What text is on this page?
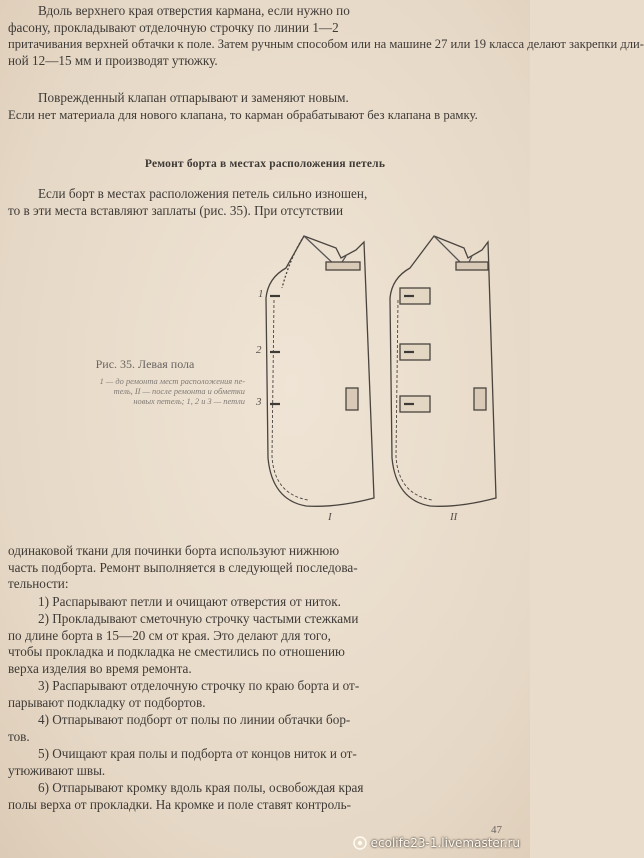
Вдоль верхнего края отверстия кармана, если нужно по
фасону, прокладывают отделочную строчку по линии 1—2
притачивания верхней обтачки к поле. Затем ручным способом или на машине 27 или 19 класса делают закрепки дли-
ной 12—15 мм и производят утюжку.
Поврежденный клапан отпарывают и заменяют новым.
Если нет материала для нового клапана, то карман обрабатывают без клапана в рамку.
Ремонт борта в местах расположения петель
Если борт в местах расположения петель сильно изношен,
то в эти места вставляют заплаты (рис. 35). При отсутствии
Рис. 35. Левая пола
1 — до ремонта мест расположения пе-
тель, II — после ремонта и обметки
новых петель; 1, 2 и 3 — петли
1
2
3
I	II
одинаковой ткани для починки борта используют нижнюю
часть подборта. Ремонт выполняется в следующей последова-
тельности:
1) Распарывают петли и очищают отверстия от ниток.
2) Прокладывают сметочную строчку частыми стежками
по длине борта в 15—20 см от края. Это делают для того,
чтобы прокладка и подкладка не сместились по отношению
верха изделия во время ремонта.
3) Распарывают отделочную строчку по краю борта и от-
парывают подкладку от подбортов.
4) Отпарывают подборт от полы по линии обтачки бор-
тов.
5) Очищают края полы и подборта от концов ниток и от-
утюживают швы.
6) Отпарывают кромку вдоль края полы, освобождая края
полы верха от прокладки. На кромке и поле ставят контроль-
47
ecolife23-1.livemaster.ru
